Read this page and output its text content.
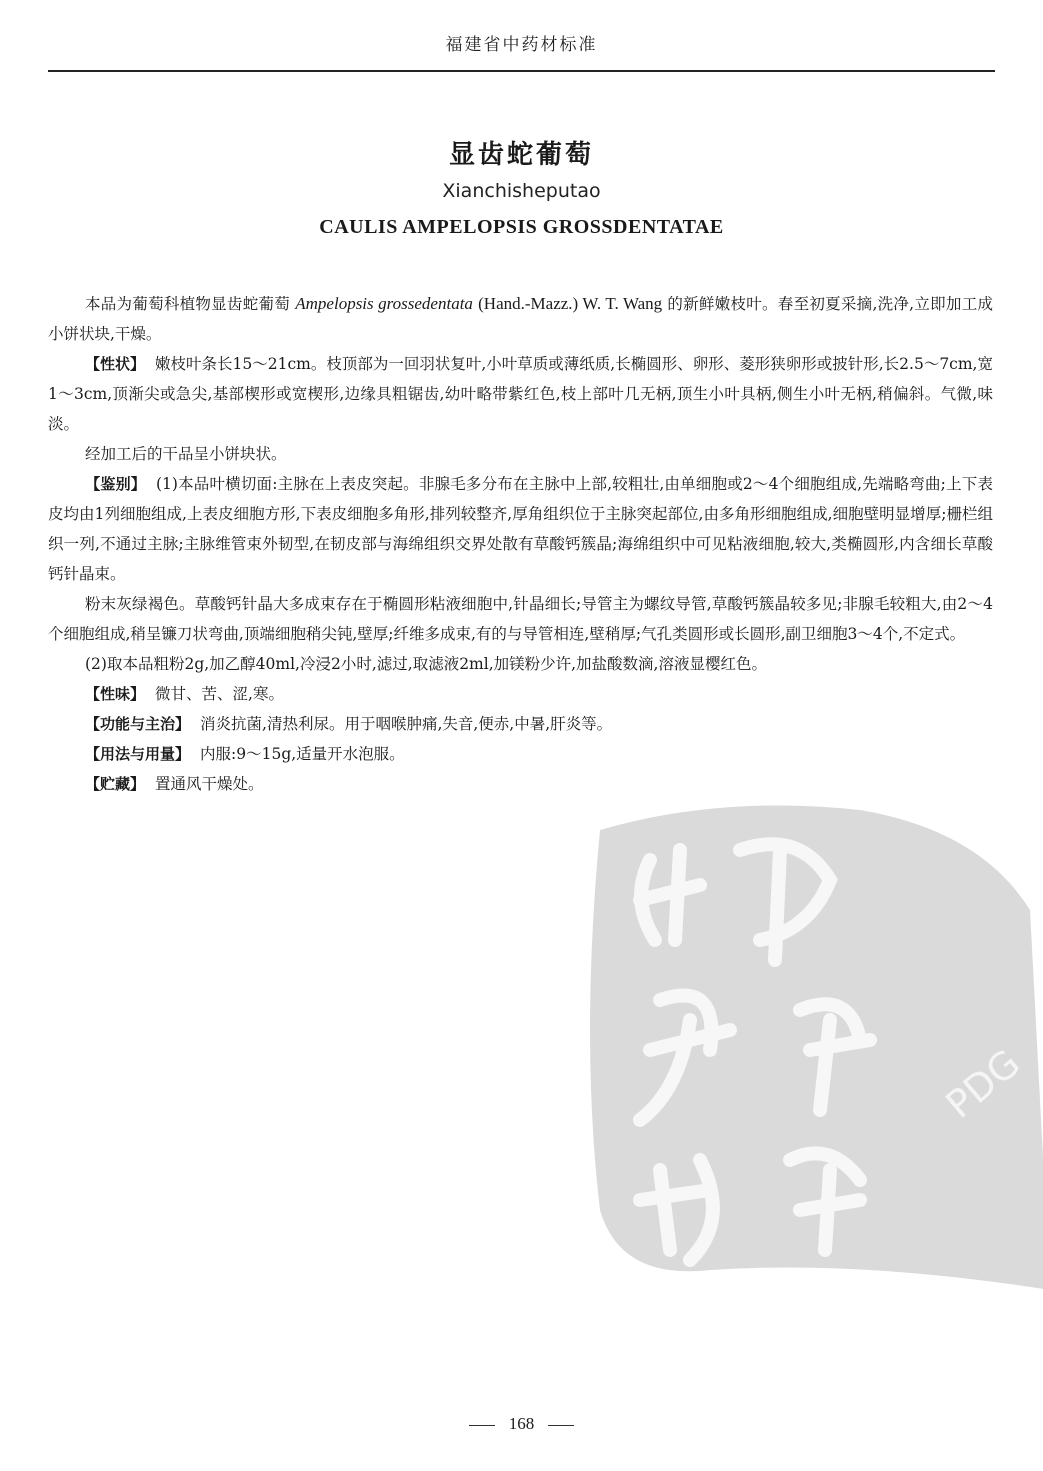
福建省中药材标准
显齿蛇葡萄
Xianchisheputao
CAULIS AMPELOPSIS GROSSDENTATAE

本品为葡萄科植物显齿蛇葡萄 Ampelopsis grossedentata (Hand.-Mazz.) W. T. Wang 的新鲜嫩枝叶。春至初夏采摘,洗净,立即加工成小饼状块,干燥。

【性状】 嫩枝叶条长15～21cm。枝顶部为一回羽状复叶,小叶草质或薄纸质,长椭圆形、卵形、菱形狭卵形或披针形,长2.5～7cm,宽1～3cm,顶渐尖或急尖,基部楔形或宽楔形,边缘具粗锯齿,幼叶略带紫红色,枝上部叶几无柄,顶生小叶具柄,侧生小叶无柄,稍偏斜。气微,味淡。

经加工后的干品呈小饼块状。

【鉴别】 (1)本品叶横切面:主脉在上表皮突起。非腺毛多分布在主脉中上部,较粗壮,由单细胞或2～4个细胞组成,先端略弯曲;上下表皮均由1列细胞组成,上表皮细胞方形,下表皮细胞多角形,排列较整齐,厚角组织位于主脉突起部位,由多角形细胞组成,细胞壁明显增厚;栅栏组织一列,不通过主脉;主脉维管束外韧型,在韧皮部与海绵组织交界处散有草酸钙簇晶;海绵组织中可见粘液细胞,较大,类椭圆形,内含细长草酸钙针晶束。

粉末灰绿褐色。草酸钙针晶大多成束存在于椭圆形粘液细胞中,针晶细长;导管主为螺纹导管,草酸钙簇晶较多见;非腺毛较粗大,由2～4个细胞组成,稍呈镰刀状弯曲,顶端细胞稍尖钝,壁厚;纤维多成束,有的与导管相连,壁稍厚;气孔类圆形或长圆形,副卫细胞3～4个,不定式。

(2)取本品粗粉2g,加乙醇40ml,冷浸2小时,滤过,取滤液2ml,加镁粉少许,加盐酸数滴,溶液显樱红色。

【性味】 微甘、苦、涩,寒。

【功能与主治】 消炎抗菌,清热利尿。用于咽喉肿痛,失音,便赤,中暑,肝炎等。

【用法与用量】 内服:9～15g,适量开水泡服。

【贮藏】 置通风干燥处。

PDG
168
